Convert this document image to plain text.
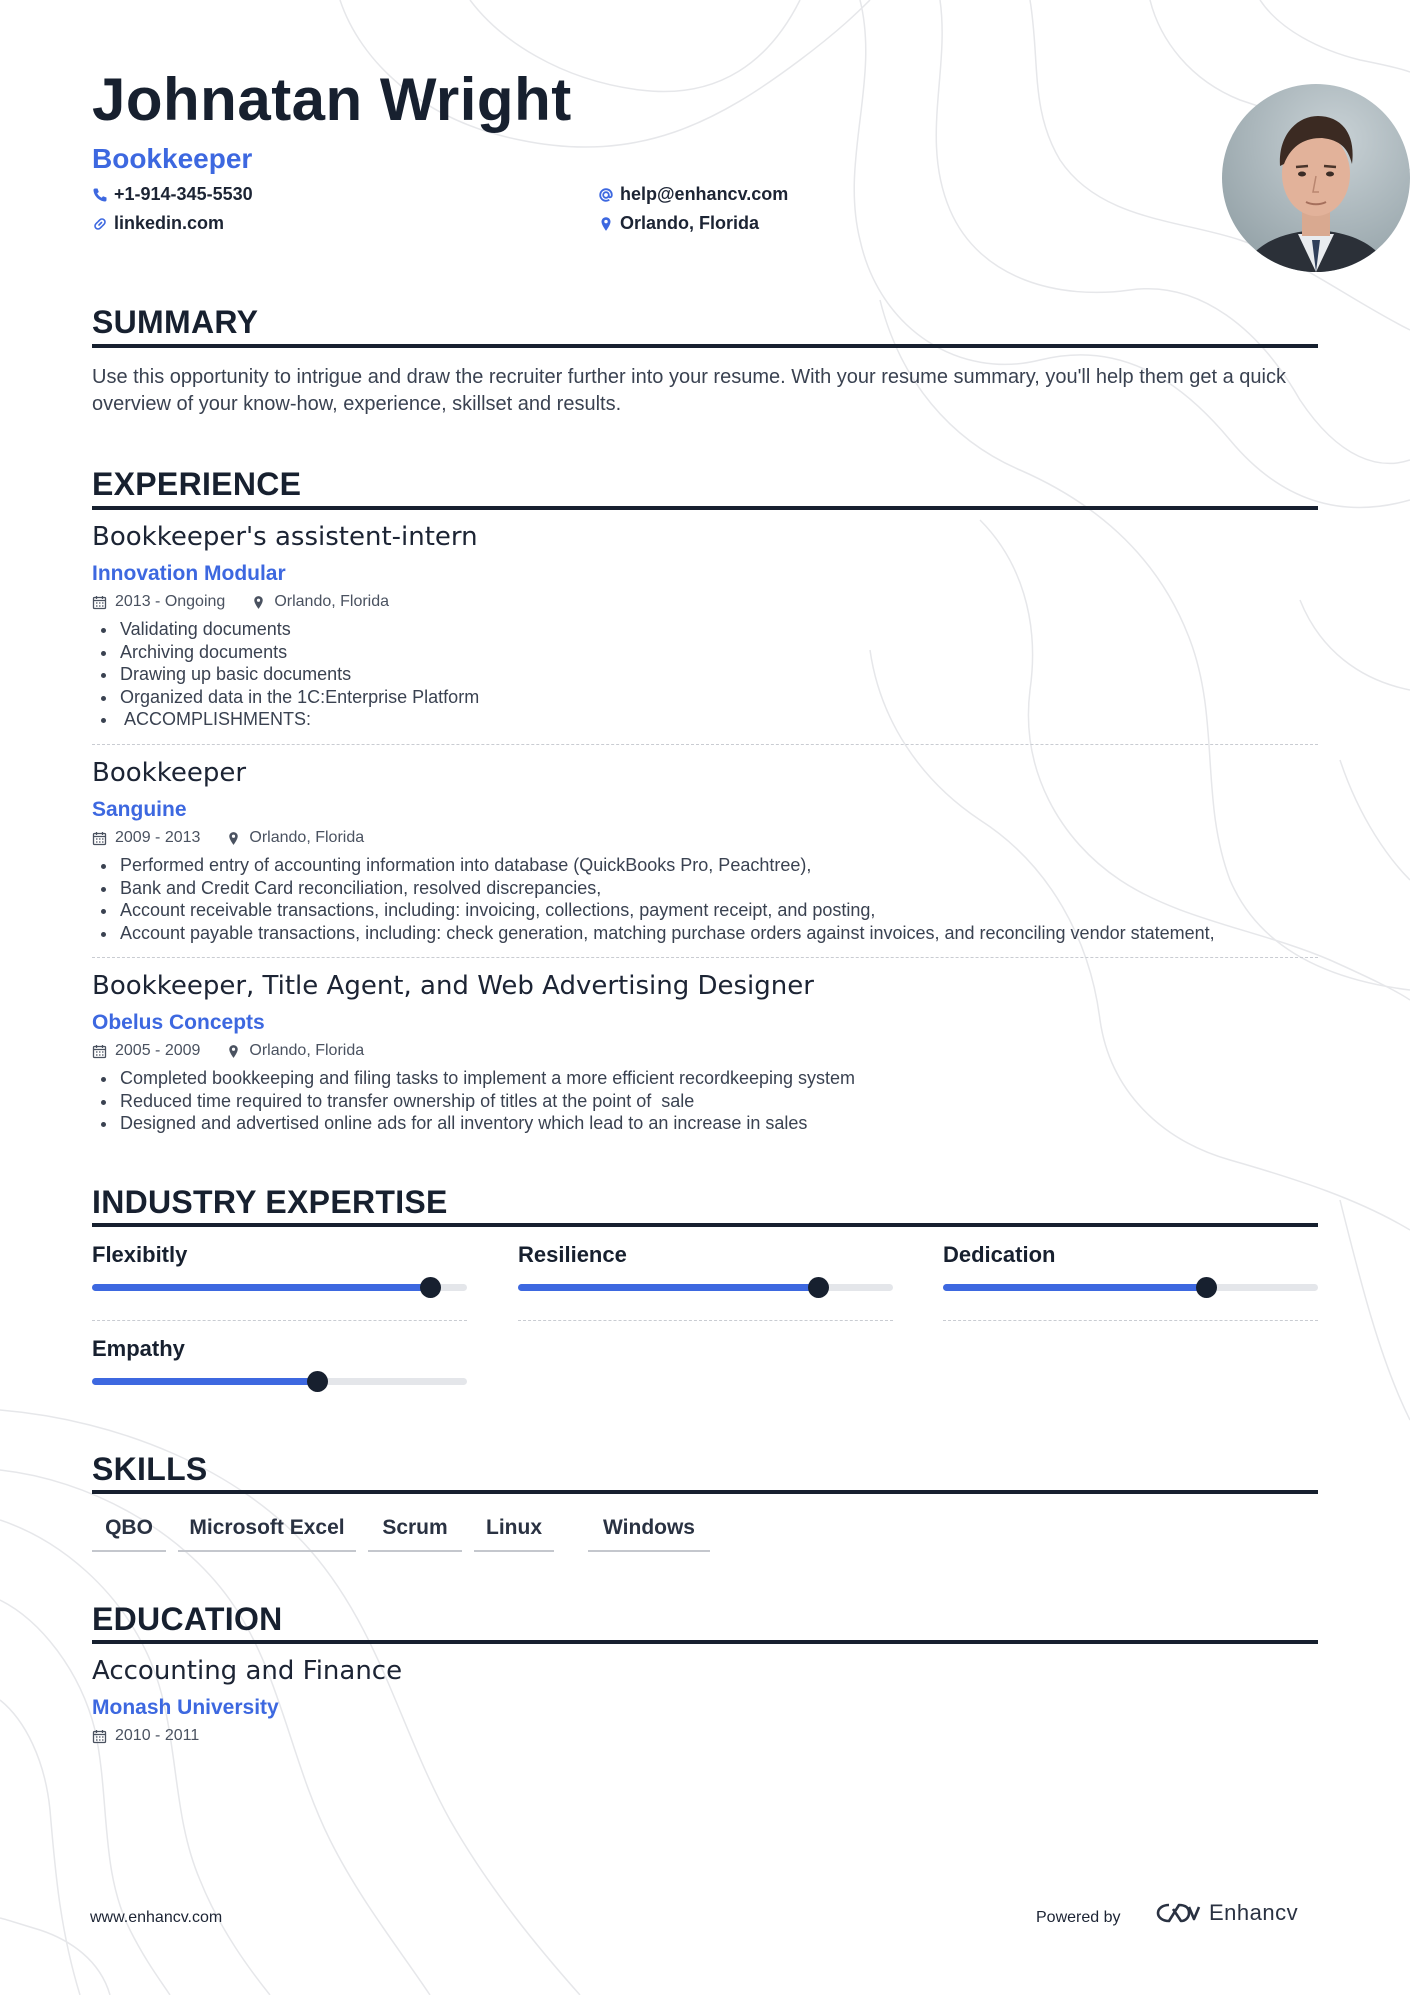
Johnatan Wright
Bookkeeper
+1-914-345-5530	help@enhancv.com
linkedin.com	Orlando, Florida
SUMMARY
Use this opportunity to intrigue and draw the recruiter further into your resume. With your resume summary, you'll help them get a quick overview of your know-how, experience, skillset and results.
EXPERIENCE
Bookkeeper's assistent-intern
Innovation Modular
2013 - Ongoing	Orlando, Florida
• Validating documents
• Archiving documents
• Drawing up basic documents
• Organized data in the 1C:Enterprise Platform
•  ACCOMPLISHMENTS:
Bookkeeper
Sanguine
2009 - 2013	Orlando, Florida
• Performed entry of accounting information into database (QuickBooks Pro, Peachtree),
• Bank and Credit Card reconciliation, resolved discrepancies,
• Account receivable transactions, including: invoicing, collections, payment receipt, and posting,
• Account payable transactions, including: check generation, matching purchase orders against invoices, and reconciling vendor statement,
Bookkeeper, Title Agent, and Web Advertising Designer
Obelus Concepts
2005 - 2009	Orlando, Florida
• Completed bookkeeping and filing tasks to implement a more efficient recordkeeping system
• Reduced time required to transfer ownership of titles at the point of  sale
• Designed and advertised online ads for all inventory which lead to an increase in sales
INDUSTRY EXPERTISE
Flexibitly	Resilience	Dedication
Empathy
SKILLS
QBO	Microsoft Excel	Scrum	Linux	Windows
EDUCATION
Accounting and Finance
Monash University
2010 - 2011
www.enhancv.com	Powered by	Enhancv
